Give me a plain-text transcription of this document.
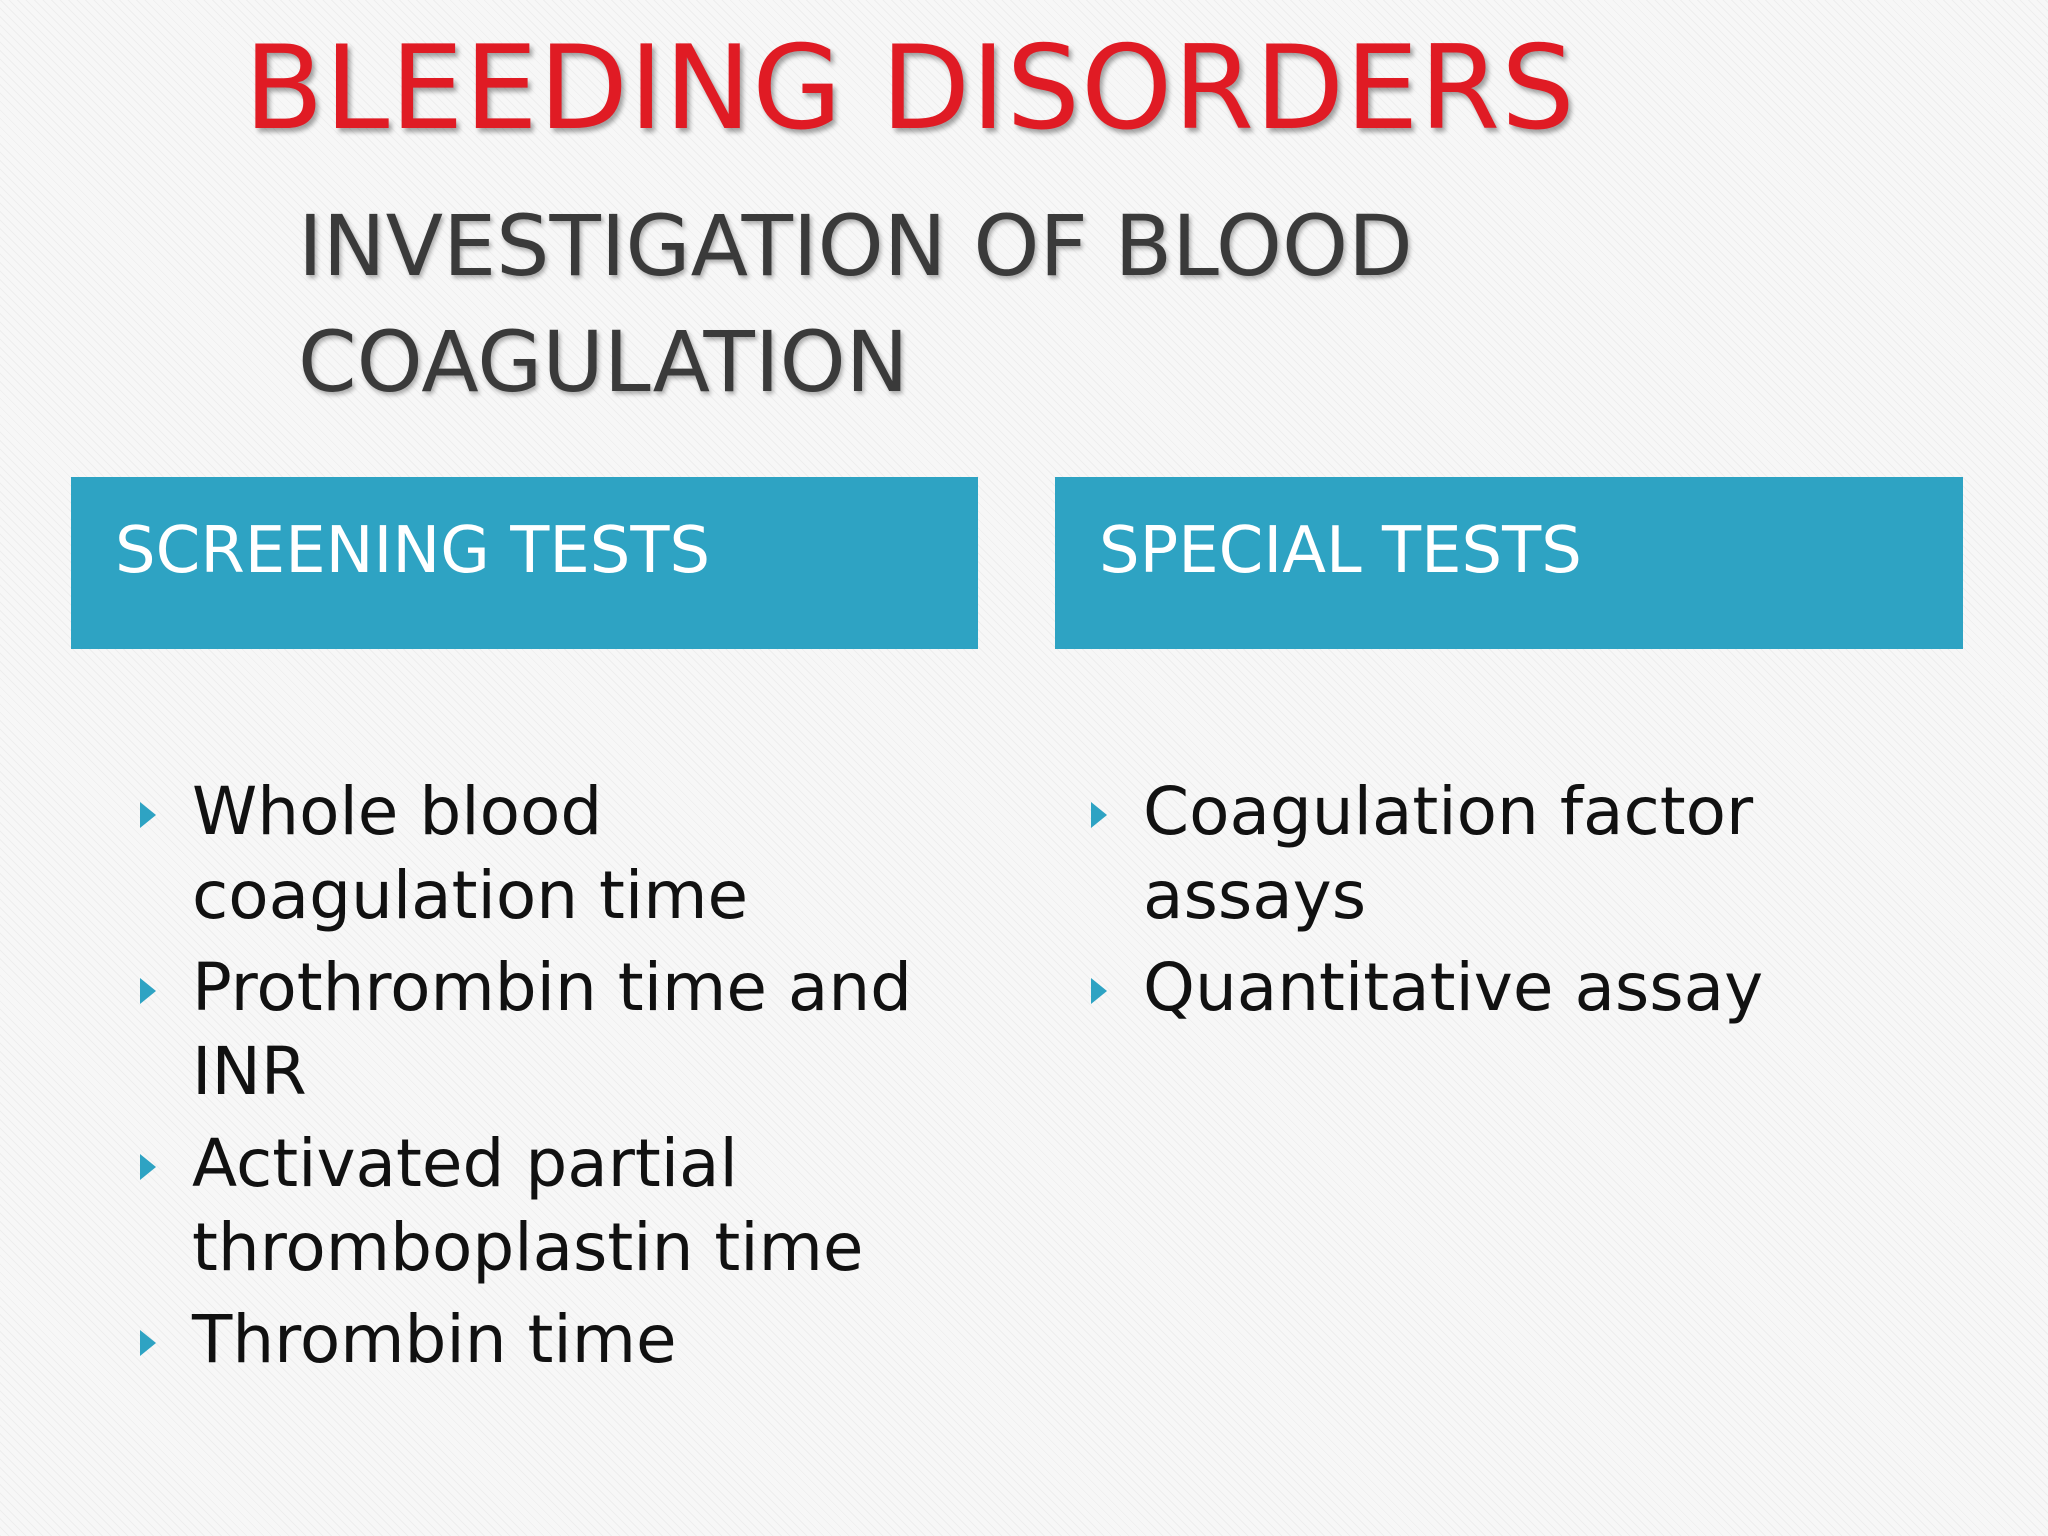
BLEEDING DISORDERS
INVESTIGATION OF BLOOD COAGULATION
SCREENING TESTS	SPECIAL TESTS
Whole blood coagulation time
Prothrombin time and INR
Activated partial thromboplastin time
Thrombin time
Coagulation factor assays
Quantitative assay
